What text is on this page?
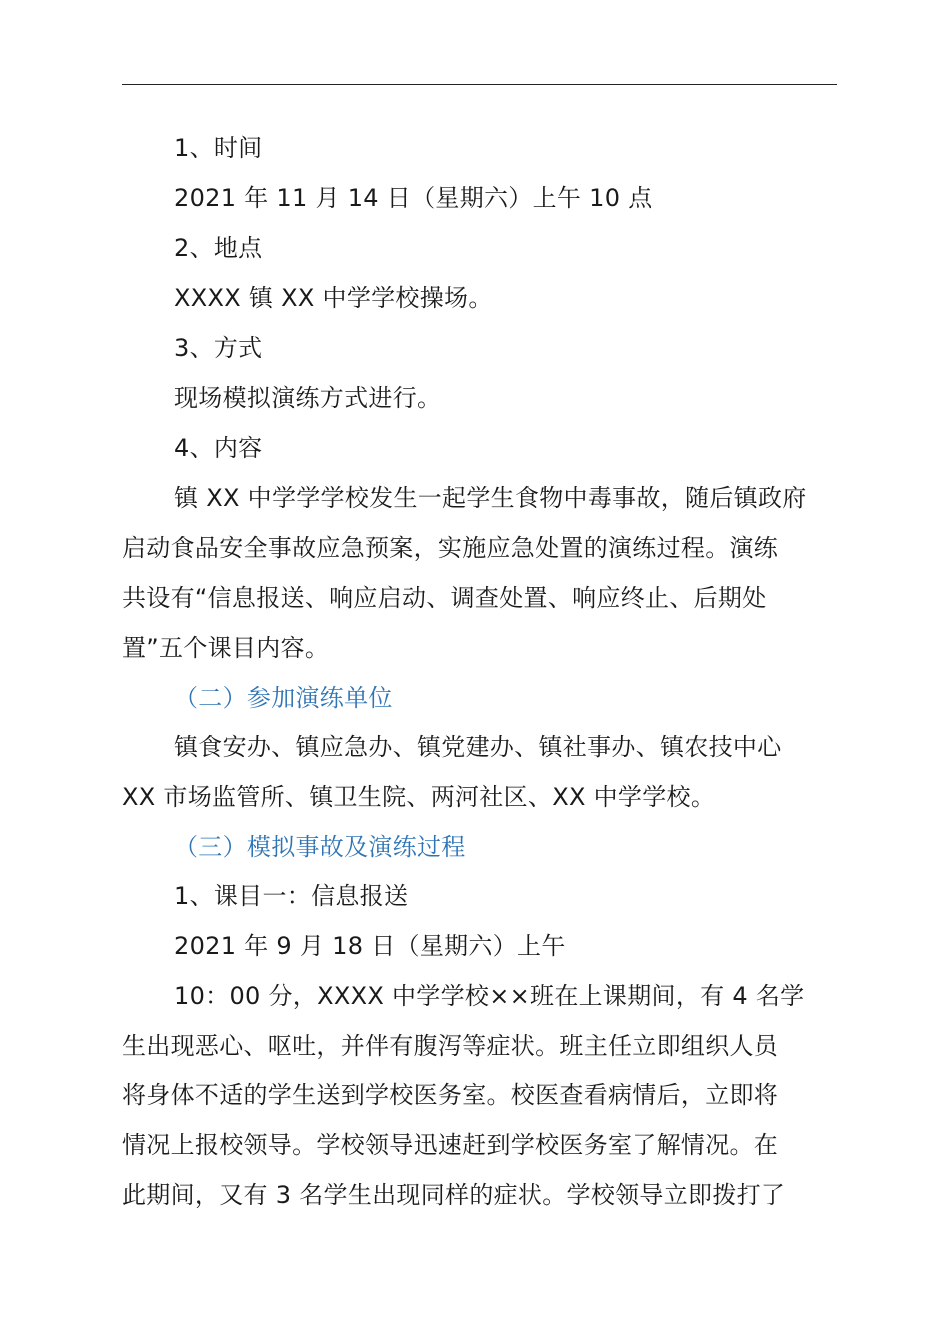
1、时间
2021 年 11 月 14 日（星期六）上午 10 点
2、地点
XXXX 镇 XX 中学学校操场。
3、方式
现场模拟演练方式进行。
4、内容
镇 XX 中学学学校发生一起学生食物中毒事故，随后镇政府
启动食品安全事故应急预案，实施应急处置的演练过程。演练
共设有“信息报送、响应启动、调查处置、响应终止、后期处
置”五个课目内容。
（二）参加演练单位
镇食安办、镇应急办、镇党建办、镇社事办、镇农技中心
XX 市场监管所、镇卫生院、两河社区、XX 中学学校。
（三）模拟事故及演练过程
1、课目一：信息报送
2021 年 9 月 18 日（星期六）上午
10：00 分，XXXX 中学学校××班在上课期间，有 4 名学
生出现恶心、呕吐，并伴有腹泻等症状。班主任立即组织人员
将身体不适的学生送到学校医务室。校医查看病情后，立即将
情况上报校领导。学校领导迅速赶到学校医务室了解情况。在
此期间，又有 3 名学生出现同样的症状。学校领导立即拨打了
